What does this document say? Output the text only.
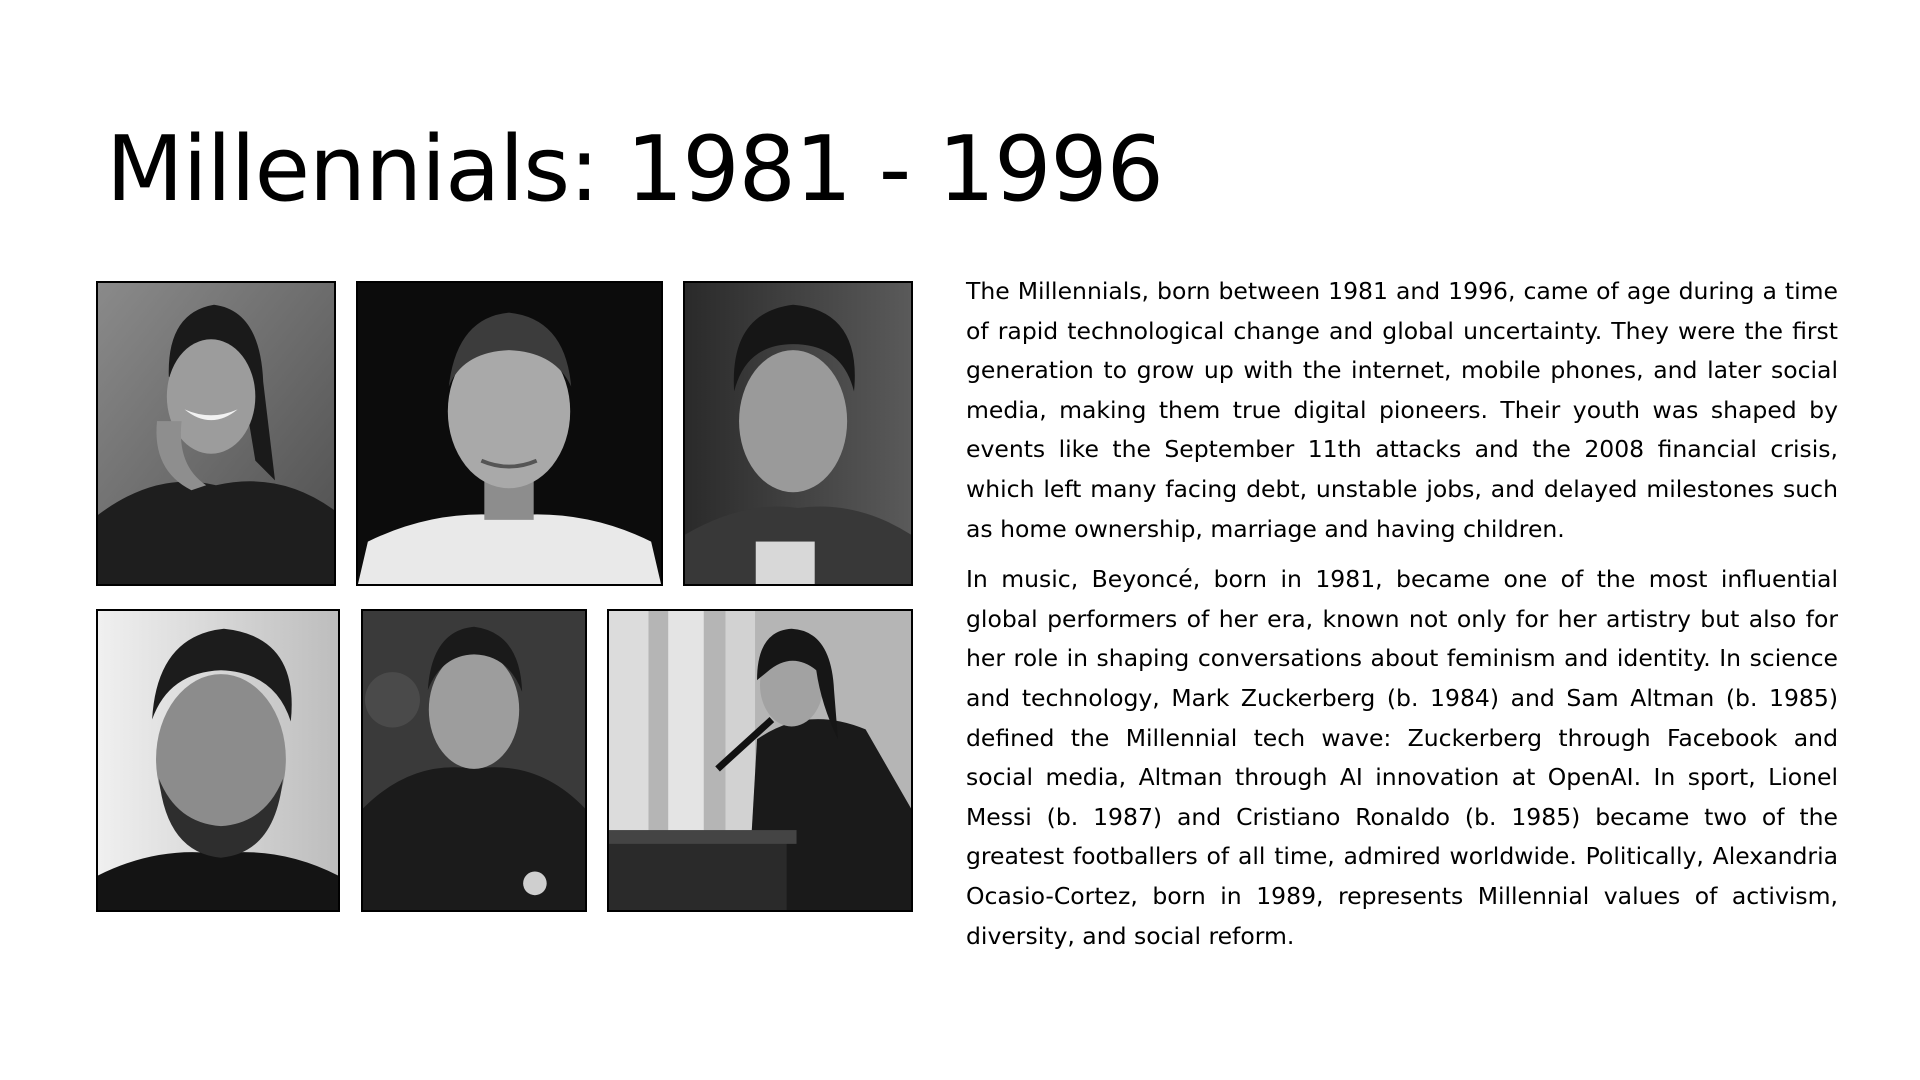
Millennials: 1981 - 1996

The Millennials, born between 1981 and 1996, came of age during a time of rapid technological change and global uncertainty. They were the first generation to grow up with the internet, mobile phones, and later social media, making them true digital pioneers. Their youth was shaped by events like the September 11th attacks and the 2008 financial crisis, which left many facing debt, unstable jobs, and delayed milestones such as home ownership, marriage and having children.

In music, Beyoncé, born in 1981, became one of the most influential global performers of her era, known not only for her artistry but also for her role in shaping conversations about feminism and identity. In science and technology, Mark Zuckerberg (b. 1984) and Sam Altman (b. 1985) defined the Millennial tech wave: Zuckerberg through Facebook and social media, Altman through AI innovation at OpenAI. In sport, Lionel Messi (b. 1987) and Cristiano Ronaldo (b. 1985) became two of the greatest footballers of all time, admired worldwide. Politically, Alexandria Ocasio-Cortez, born in 1989, represents Millennial values of activism, diversity, and social reform.
